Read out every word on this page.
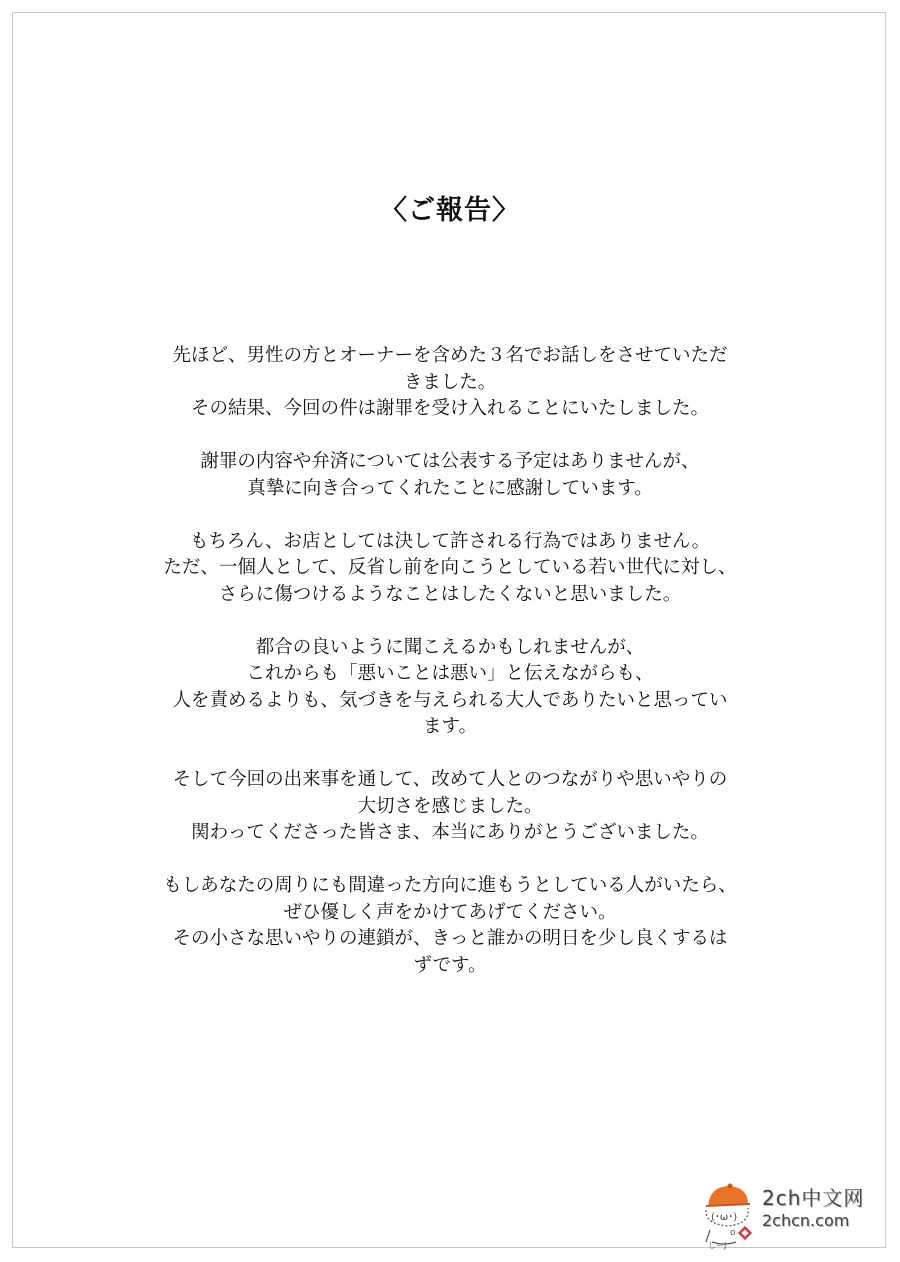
〈ご報告〉
先ほど、男性の方とオーナーを含めた３名でお話しをさせていただ
きました。
その結果、今回の件は謝罪を受け入れることにいたしました。
謝罪の内容や弁済については公表する予定はありませんが、
真摯に向き合ってくれたことに感謝しています。
もちろん、お店としては決して許される行為ではありません。
ただ、一個人として、反省し前を向こうとしている若い世代に対し、
さらに傷つけるようなことはしたくないと思いました。
都合の良いように聞こえるかもしれませんが、
これからも「悪いことは悪い」と伝えながらも、
人を責めるよりも、気づきを与えられる大人でありたいと思ってい
ます。
そして今回の出来事を通して、改めて人とのつながりや思いやりの
大切さを感じました。
関わってくださった皆さま、本当にありがとうございました。
もしあなたの周りにも間違った方向に進もうとしている人がいたら、
ぜひ優しく声をかけてあげてください。
その小さな思いやりの連鎖が、きっと誰かの明日を少し良くするは
ずです。
(･ω･)
しーJ
o
2ch中文网
2chcn.com
